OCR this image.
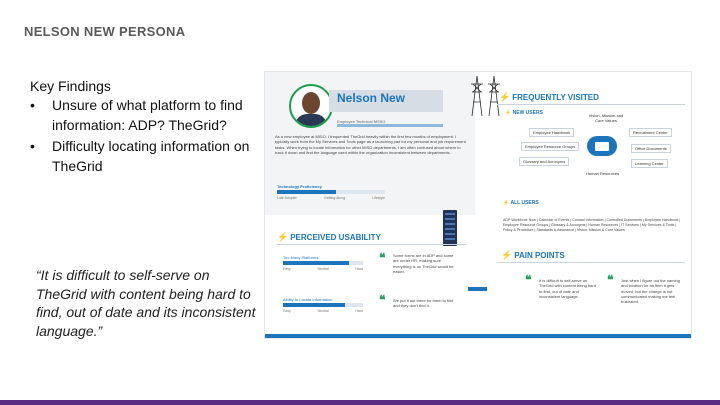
NELSON NEW PERSONA
Key Findings
• Unsure of what platform to find information: ADP? TheGrid?
• Difficulty locating information on TheGrid
“It is difficult to self-serve on TheGrid with content being hard to find, out of date and its inconsistent language.”
Nelson New
Employee Technical MSSO
As a new employee at MISO, I frequented TheGrid heavily within the first few months of employment. I typically work from the My Services and Tools page as a launching pad for my personal and job requirement tasks. When trying to locate information for other MISO departments, I am often confused about where to track it down and find the language used within the organization inconsistent between departments.
Technology Proficiency
Late Adopter	Getting Along	Lifestyle
⚡ FREQUENTLY VISITED
⚡ NEW USERS	Vision, Mission and Core Values
Employee Handbook	Recruitment Center
Employee Resource Groups	Office Documents
Glossary and Acronyms	Learning Center
Human Resources
⚡ ALL USERS
ADP Workforce Now | Calendar of Events | Contact Information | Controlled Documents | Employee Handbook | Employee Resource Groups | Glossary & Acronyms | Human Resources | IT Services | My Services & Tools | Policy & Procedure | Standards & Assurance | Vision, Mission & Core Values
⚡ PERCEIVED USABILITY
Too Many Platforms
Easy	Neutral	Hard
❝ Some forms are in ADP and some are under HR, making sure everything is on TheGrid would be easier.
Ability to Locate Information
Easy	Neutral	Hard
❝ We put it out there for them to find and they don't find it.
⚡ PAIN POINTS
❝ It is difficult to self-serve on TheGrid with content being hard to find, out of date and inconsistent language.
❝ Just when I figure out the naming and location for an item it gets moved, but the change is not communicated making me feel frustrated.
